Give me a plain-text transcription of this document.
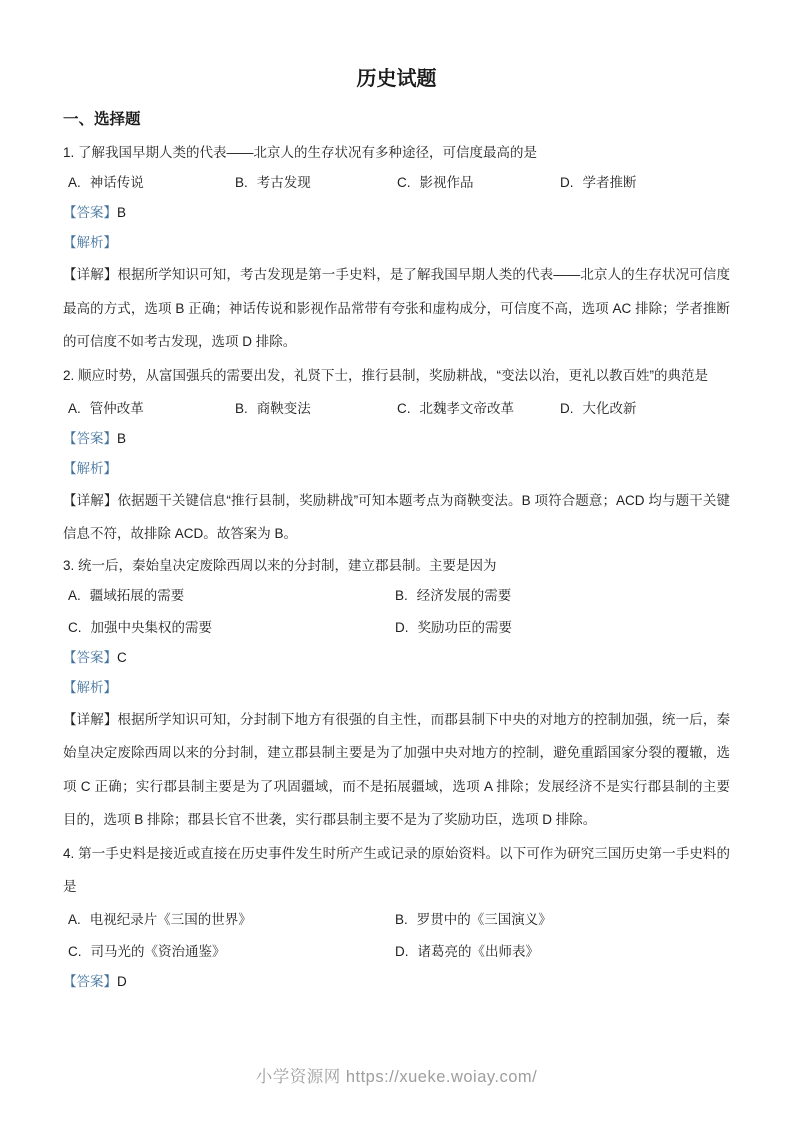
历史试题
一、选择题
1. 了解我国早期人类的代表——北京人的生存状况有多种途径，可信度最高的是
A. 神话传说	B. 考古发现	C. 影视作品	D. 学者推断
【答案】B
【解析】
【详解】根据所学知识可知，考古发现是第一手史料，是了解我国早期人类的代表——北京人的生存状况可信度最高的方式，选项 B 正确；神话传说和影视作品常带有夸张和虚构成分，可信度不高，选项 AC 排除；学者推断的可信度不如考古发现，选项 D 排除。
2. 顺应时势，从富国强兵的需要出发，礼贤下士，推行县制，奖励耕战，“变法以治，更礼以教百姓”的典范是
A. 管仲改革	B. 商鞅变法	C. 北魏孝文帝改革	D. 大化改新
【答案】B
【解析】
【详解】依据题干关键信息“推行县制，奖励耕战”可知本题考点为商鞅变法。B 项符合题意；ACD 均与题干关键信息不符，故排除 ACD。故答案为 B。
3. 统一后，秦始皇决定废除西周以来的分封制，建立郡县制。主要是因为
A. 疆域拓展的需要	B. 经济发展的需要
C. 加强中央集权的需要	D. 奖励功臣的需要
【答案】C
【解析】
【详解】根据所学知识可知，分封制下地方有很强的自主性，而郡县制下中央的对地方的控制加强，统一后，秦始皇决定废除西周以来的分封制，建立郡县制主要是为了加强中央对地方的控制，避免重蹈国家分裂的覆辙，选项 C 正确；实行郡县制主要是为了巩固疆域，而不是拓展疆域，选项 A 排除；发展经济不是实行郡县制的主要目的，选项 B 排除；郡县长官不世袭，实行郡县制主要不是为了奖励功臣，选项 D 排除。
4. 第一手史料是接近或直接在历史事件发生时所产生或记录的原始资料。以下可作为研究三国历史第一手史料的是
A. 电视纪录片《三国的世界》	B. 罗贯中的《三国演义》
C. 司马光的《资治通鉴》	D. 诸葛亮的《出师表》
【答案】D
小学资源网 https://xueke.woiay.com/
